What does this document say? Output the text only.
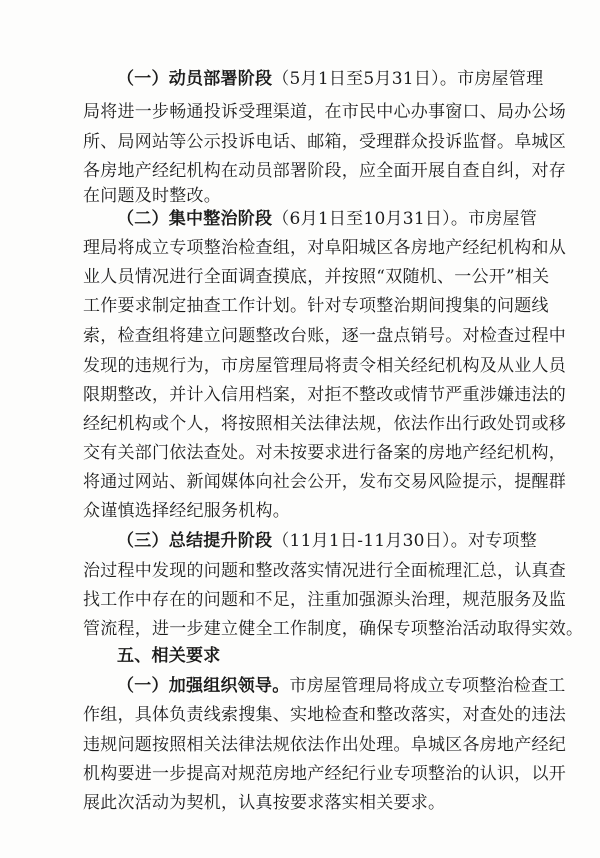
（一）动员部署阶段（5月1日至5月31日）。市房屋管理
局将进一步畅通投诉受理渠道，在市民中心办事窗口、局办公场
所、局网站等公示投诉电话、邮箱，受理群众投诉监督。阜城区
各房地产经纪机构在动员部署阶段，应全面开展自查自纠，对存
在问题及时整改。
（二）集中整治阶段（6月1日至10月31日）。市房屋管
理局将成立专项整治检查组，对阜阳城区各房地产经纪机构和从
业人员情况进行全面调查摸底，并按照“双随机、一公开”相关
工作要求制定抽查工作计划。针对专项整治期间搜集的问题线
索，检查组将建立问题整改台账，逐一盘点销号。对检查过程中
发现的违规行为，市房屋管理局将责令相关经纪机构及从业人员
限期整改，并计入信用档案，对拒不整改或情节严重涉嫌违法的
经纪机构或个人，将按照相关法律法规，依法作出行政处罚或移
交有关部门依法查处。对未按要求进行备案的房地产经纪机构，
将通过网站、新闻媒体向社会公开，发布交易风险提示，提醒群
众谨慎选择经纪服务机构。
（三）总结提升阶段（11月1日-11月30日）。对专项整
治过程中发现的问题和整改落实情况进行全面梳理汇总，认真查
找工作中存在的问题和不足，注重加强源头治理，规范服务及监
管流程，进一步建立健全工作制度，确保专项整治活动取得实效。
五、相关要求
（一）加强组织领导。市房屋管理局将成立专项整治检查工
作组，具体负责线索搜集、实地检查和整改落实，对查处的违法
违规问题按照相关法律法规依法作出处理。阜城区各房地产经纪
机构要进一步提高对规范房地产经纪行业专项整治的认识，以开
展此次活动为契机，认真按要求落实相关要求。
